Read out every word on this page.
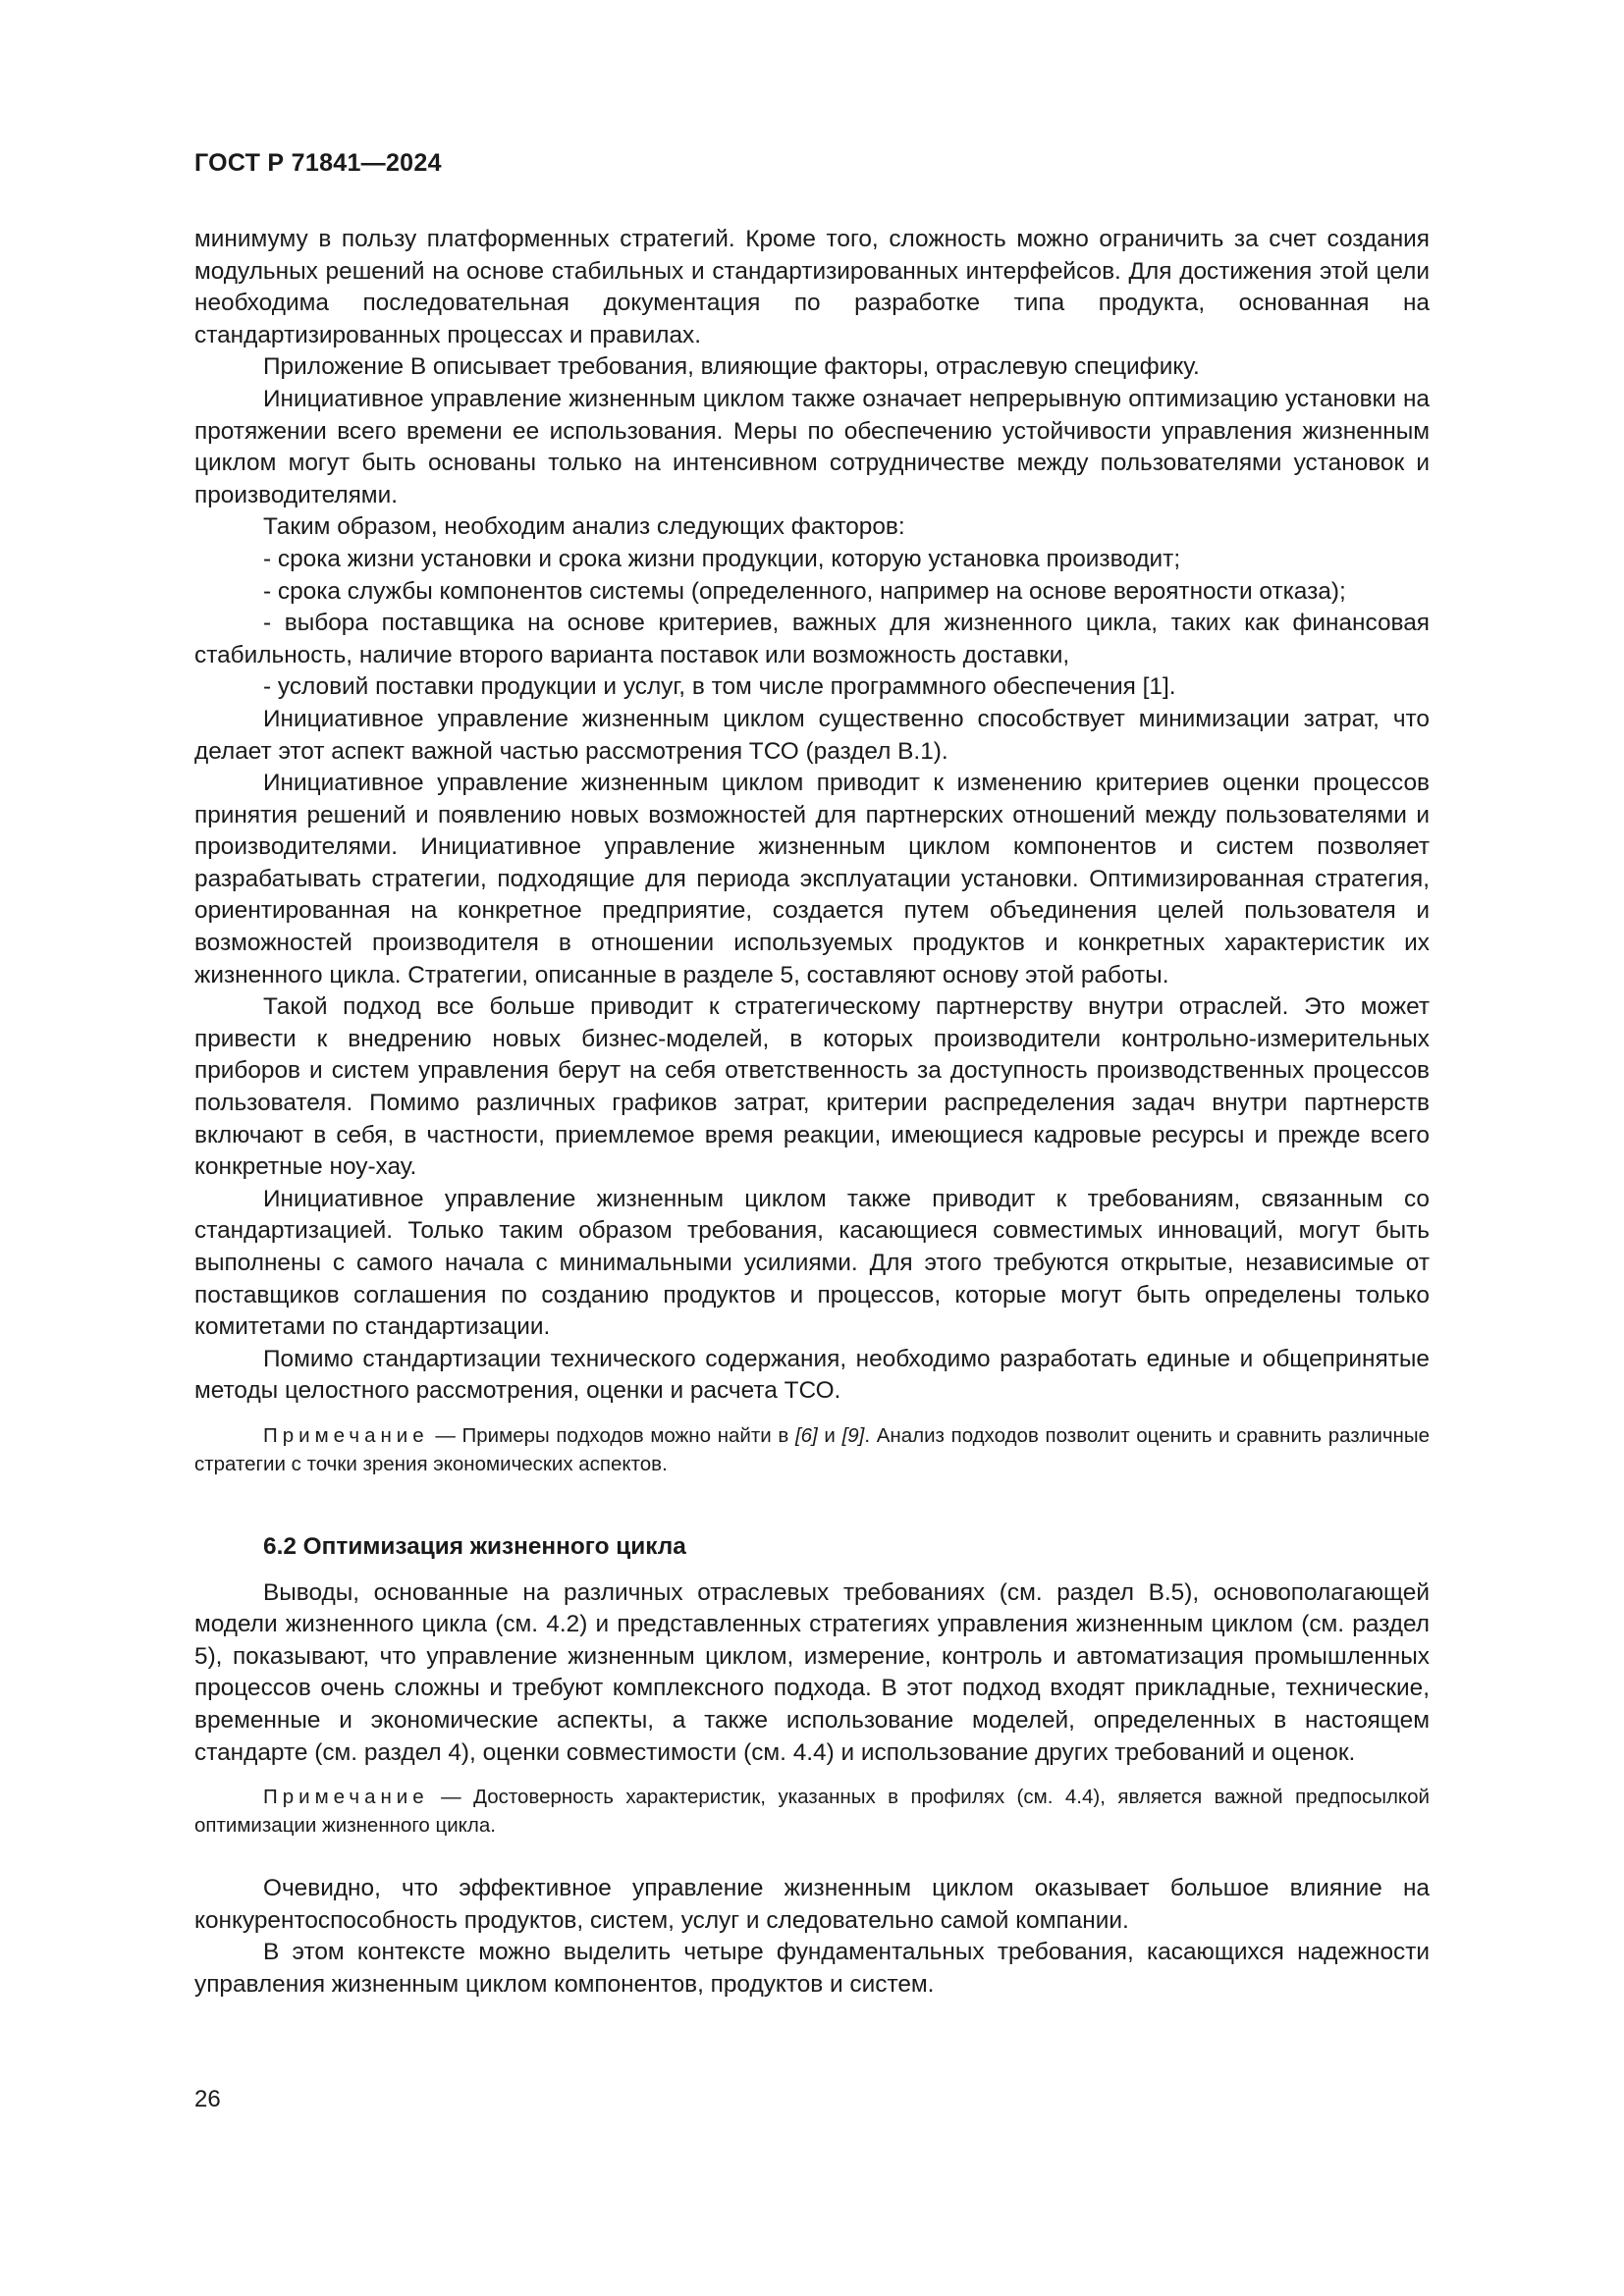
ГОСТ Р 71841—2024

минимуму в пользу платформенных стратегий. Кроме того, сложность можно ограничить за счет создания модульных решений на основе стабильных и стандартизированных интерфейсов. Для достижения этой цели необходима последовательная документация по разработке типа продукта, основанная на стандартизированных процессах и правилах.

Приложение В описывает требования, влияющие факторы, отраслевую специфику.

Инициативное управление жизненным циклом также означает непрерывную оптимизацию установки на протяжении всего времени ее использования. Меры по обеспечению устойчивости управления жизненным циклом могут быть основаны только на интенсивном сотрудничестве между пользователями установок и производителями.

Таким образом, необходим анализ следующих факторов:

- срока жизни установки и срока жизни продукции, которую установка производит;

- срока службы компонентов системы (определенного, например на основе вероятности отказа);

- выбора поставщика на основе критериев, важных для жизненного цикла, таких как финансовая стабильность, наличие второго варианта поставок или возможность доставки,

- условий поставки продукции и услуг, в том числе программного обеспечения [1].

Инициативное управление жизненным циклом существенно способствует минимизации затрат, что делает этот аспект важной частью рассмотрения ТСО (раздел В.1).

Инициативное управление жизненным циклом приводит к изменению критериев оценки процессов принятия решений и появлению новых возможностей для партнерских отношений между пользователями и производителями. Инициативное управление жизненным циклом компонентов и систем позволяет разрабатывать стратегии, подходящие для периода эксплуатации установки. Оптимизированная стратегия, ориентированная на конкретное предприятие, создается путем объединения целей пользователя и возможностей производителя в отношении используемых продуктов и конкретных характеристик их жизненного цикла. Стратегии, описанные в разделе 5, составляют основу этой работы.

Такой подход все больше приводит к стратегическому партнерству внутри отраслей. Это может привести к внедрению новых бизнес-моделей, в которых производители контрольно-измерительных приборов и систем управления берут на себя ответственность за доступность производственных процессов пользователя. Помимо различных графиков затрат, критерии распределения задач внутри партнерств включают в себя, в частности, приемлемое время реакции, имеющиеся кадровые ресурсы и прежде всего конкретные ноу-хау.

Инициативное управление жизненным циклом также приводит к требованиям, связанным со стандартизацией. Только таким образом требования, касающиеся совместимых инноваций, могут быть выполнены с самого начала с минимальными усилиями. Для этого требуются открытые, независимые от поставщиков соглашения по созданию продуктов и процессов, которые могут быть определены только комитетами по стандартизации.

Помимо стандартизации технического содержания, необходимо разработать единые и общепринятые методы целостного рассмотрения, оценки и расчета ТСО.

Примечание — Примеры подходов можно найти в [6] и [9]. Анализ подходов позволит оценить и сравнить различные стратегии с точки зрения экономических аспектов.

6.2 Оптимизация жизненного цикла

Выводы, основанные на различных отраслевых требованиях (см. раздел В.5), основополагающей модели жизненного цикла (см. 4.2) и представленных стратегиях управления жизненным циклом (см. раздел 5), показывают, что управление жизненным циклом, измерение, контроль и автоматизация промышленных процессов очень сложны и требуют комплексного подхода. В этот подход входят прикладные, технические, временные и экономические аспекты, а также использование моделей, определенных в настоящем стандарте (см. раздел 4), оценки совместимости (см. 4.4) и использование других требований и оценок.

Примечание — Достоверность характеристик, указанных в профилях (см. 4.4), является важной предпосылкой оптимизации жизненного цикла.

Очевидно, что эффективное управление жизненным циклом оказывает большое влияние на конкурентоспособность продуктов, систем, услуг и следовательно самой компании.

В этом контексте можно выделить четыре фундаментальных требования, касающихся надежности управления жизненным циклом компонентов, продуктов и систем.

26
